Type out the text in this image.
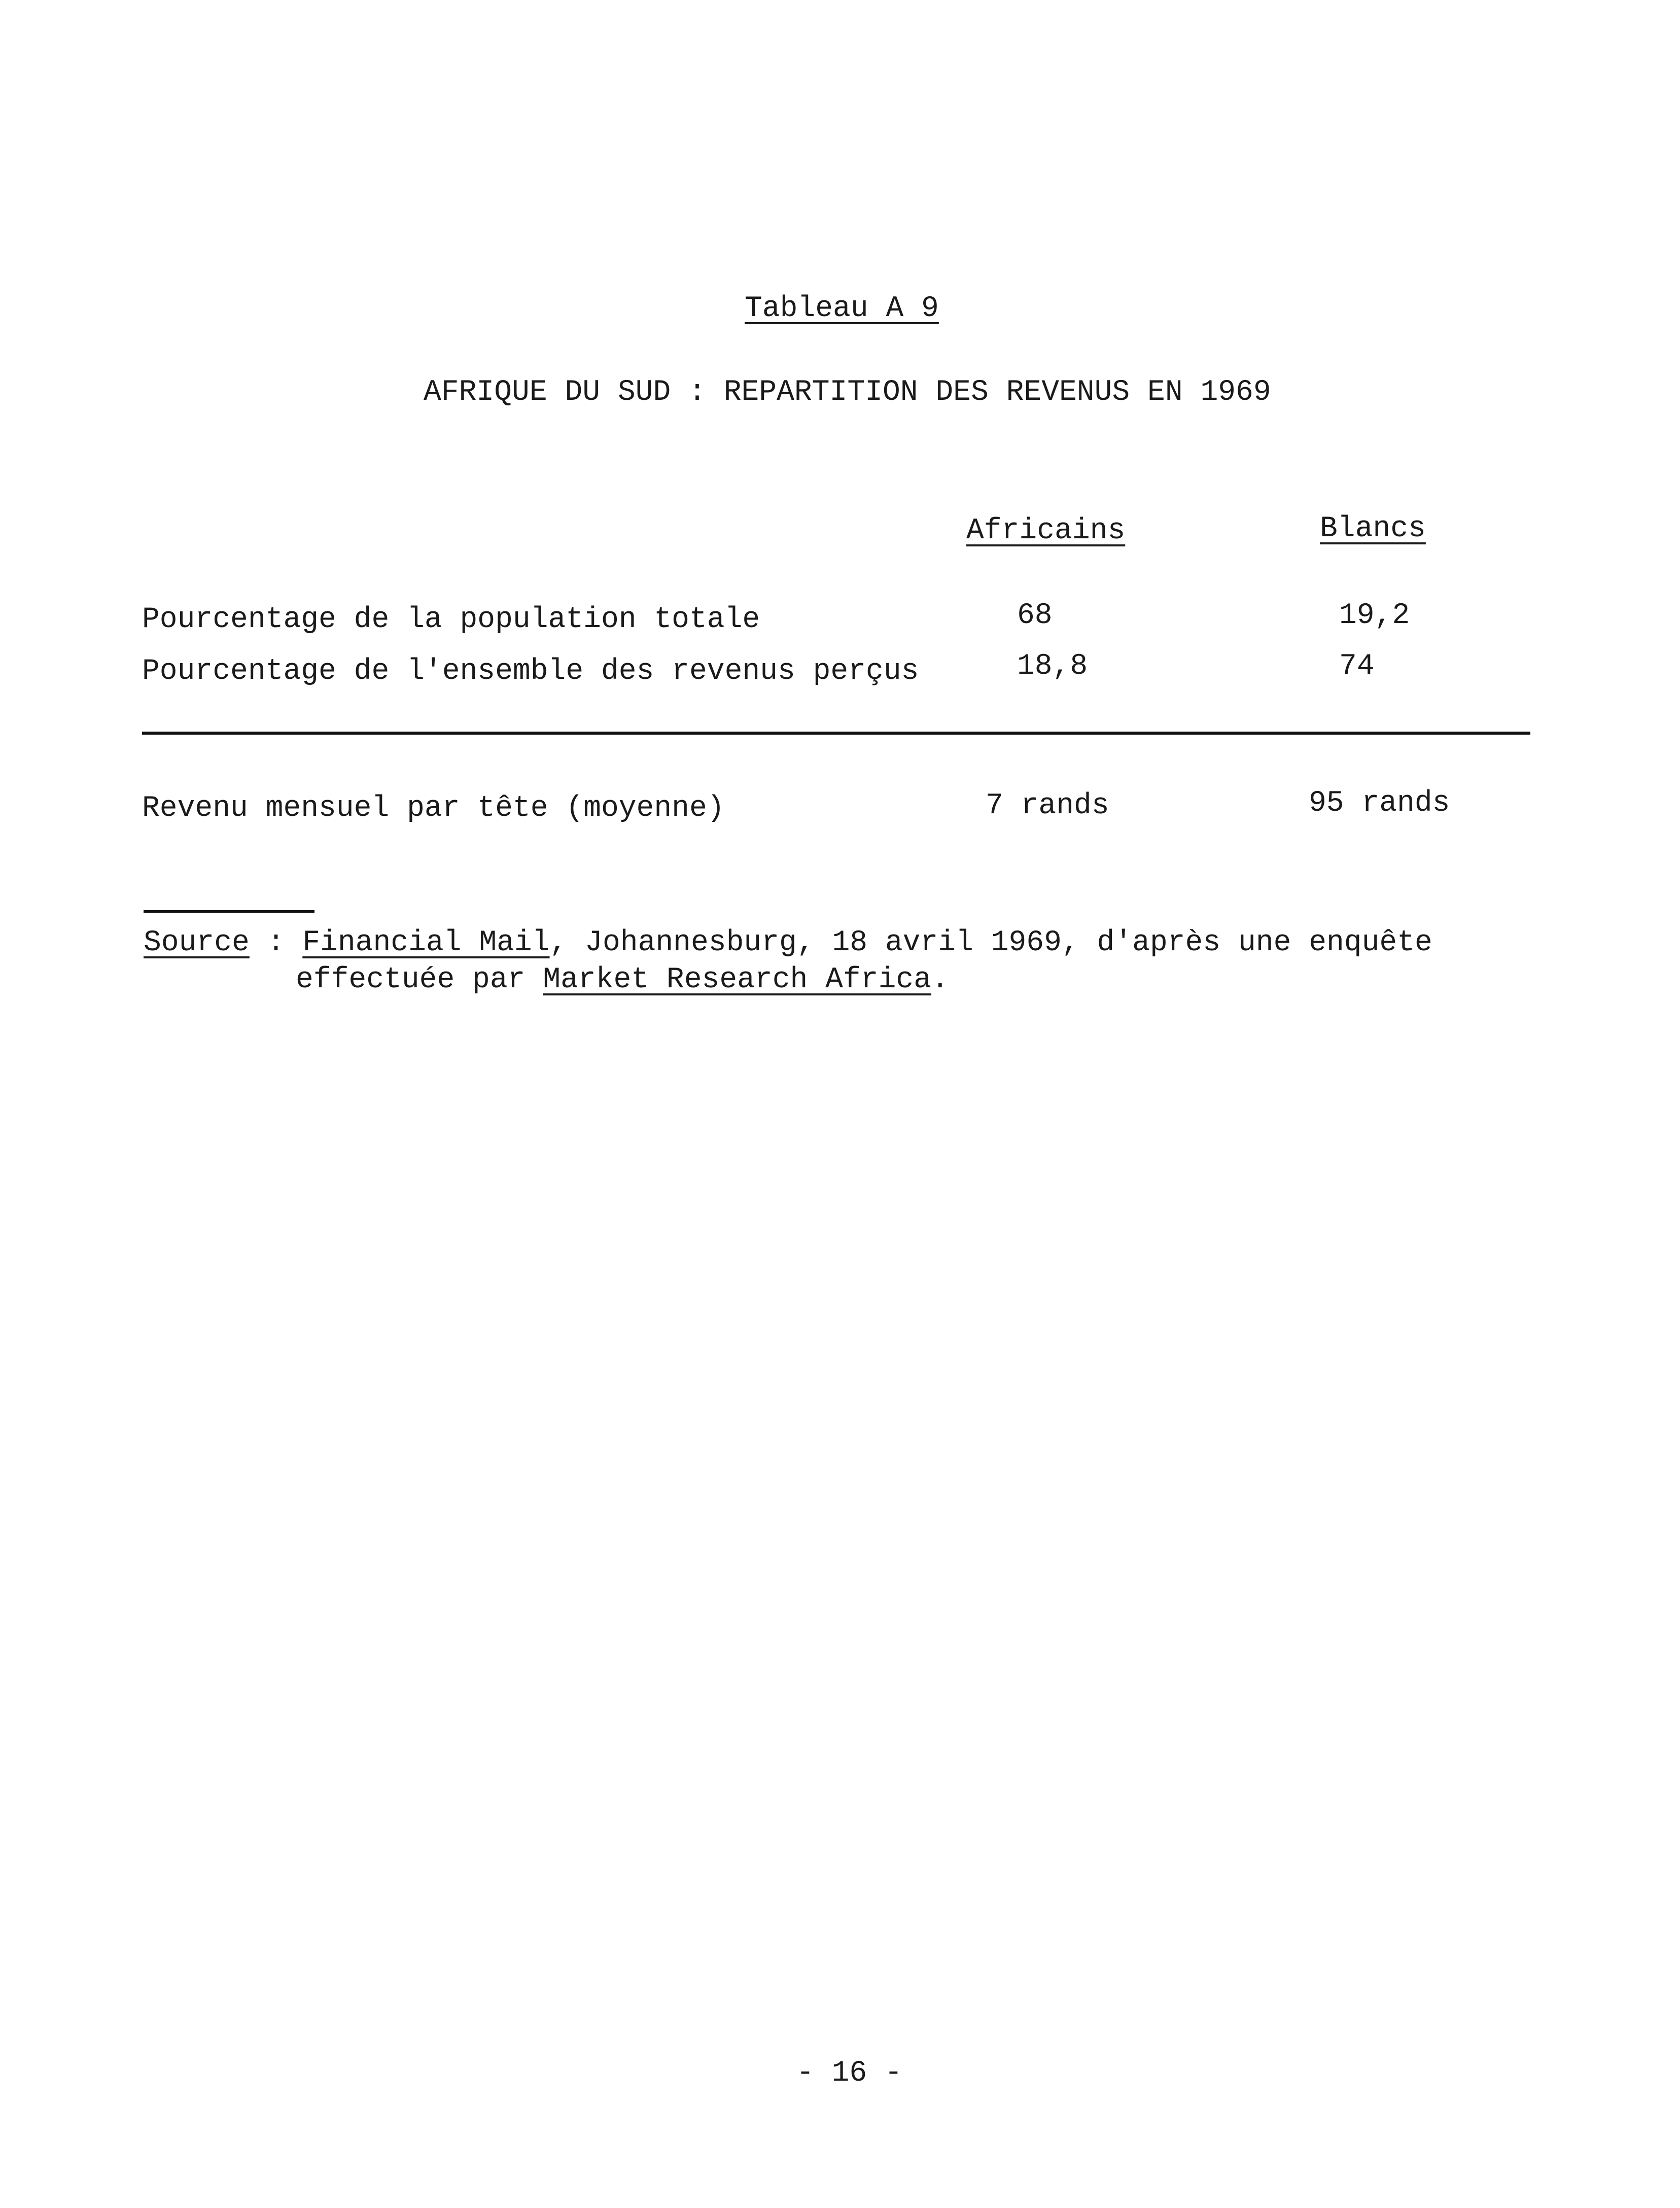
Tableau A 9
AFRIQUE DU SUD : REPARTITION DES REVENUS EN 1969
Africains	Blancs
Pourcentage de la population totale	68	19,2
Pourcentage de l'ensemble des revenus perçus	18,8	74
Revenu mensuel par tête (moyenne)	7 rands	95 rands
Source : Financial Mail, Johannesburg, 18 avril 1969, d'après une enquête
effectuée par Market Research Africa.
- 16 -
